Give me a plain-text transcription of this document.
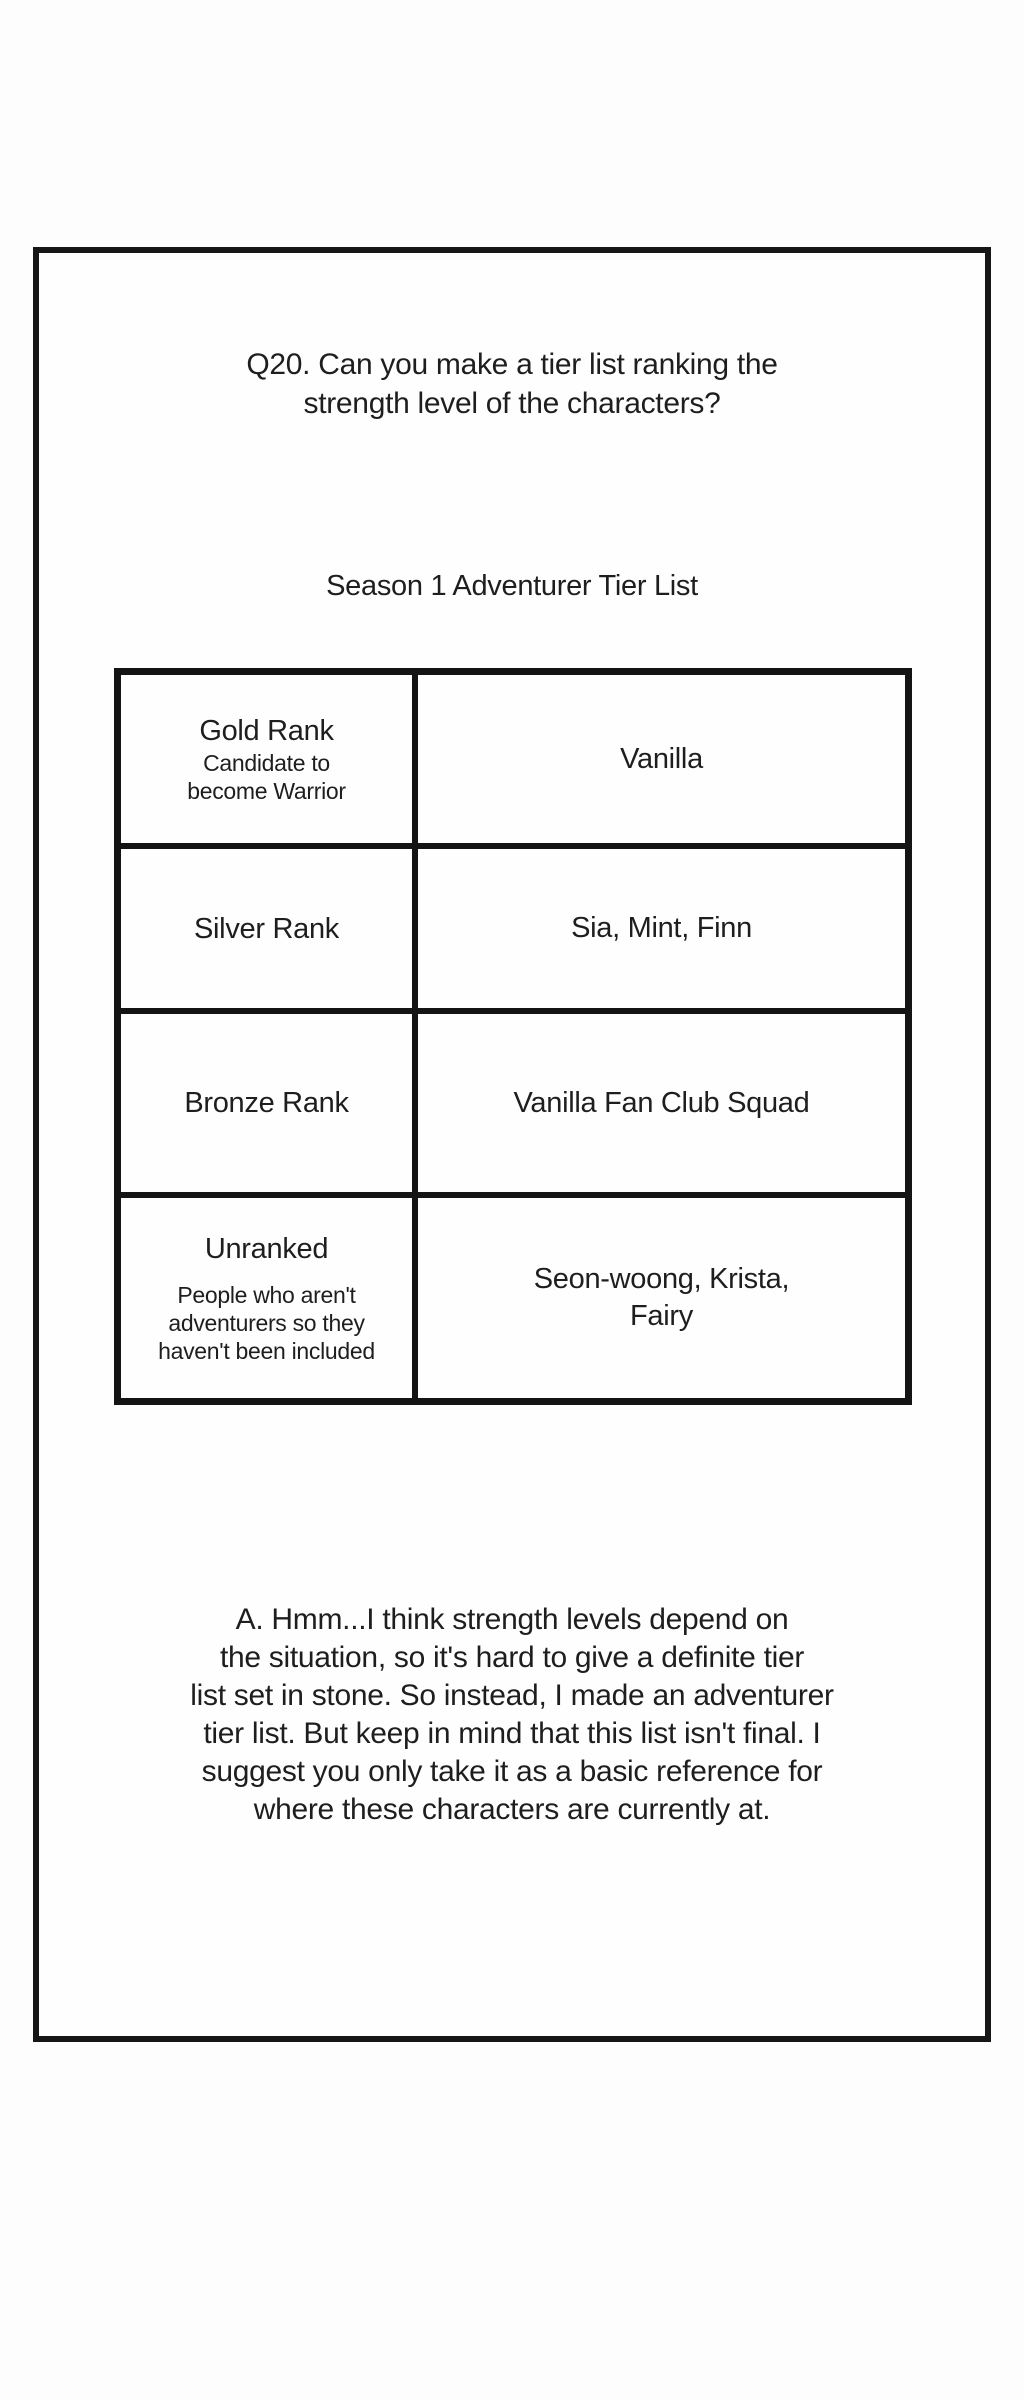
Q20. Can you make a tier list ranking the
strength level of the characters?
Season 1 Adventurer Tier List
Gold Rank
Candidate to
become Warrior
Vanilla
Silver Rank	Sia, Mint, Finn
Bronze Rank	Vanilla Fan Club Squad
Unranked
People who aren't
adventurers so they
haven't been included
Seon-woong, Krista,
Fairy
A. Hmm...I think strength levels depend on
the situation, so it's hard to give a definite tier
list set in stone. So instead, I made an adventurer
tier list. But keep in mind that this list isn't final. I
suggest you only take it as a basic reference for
where these characters are currently at.
